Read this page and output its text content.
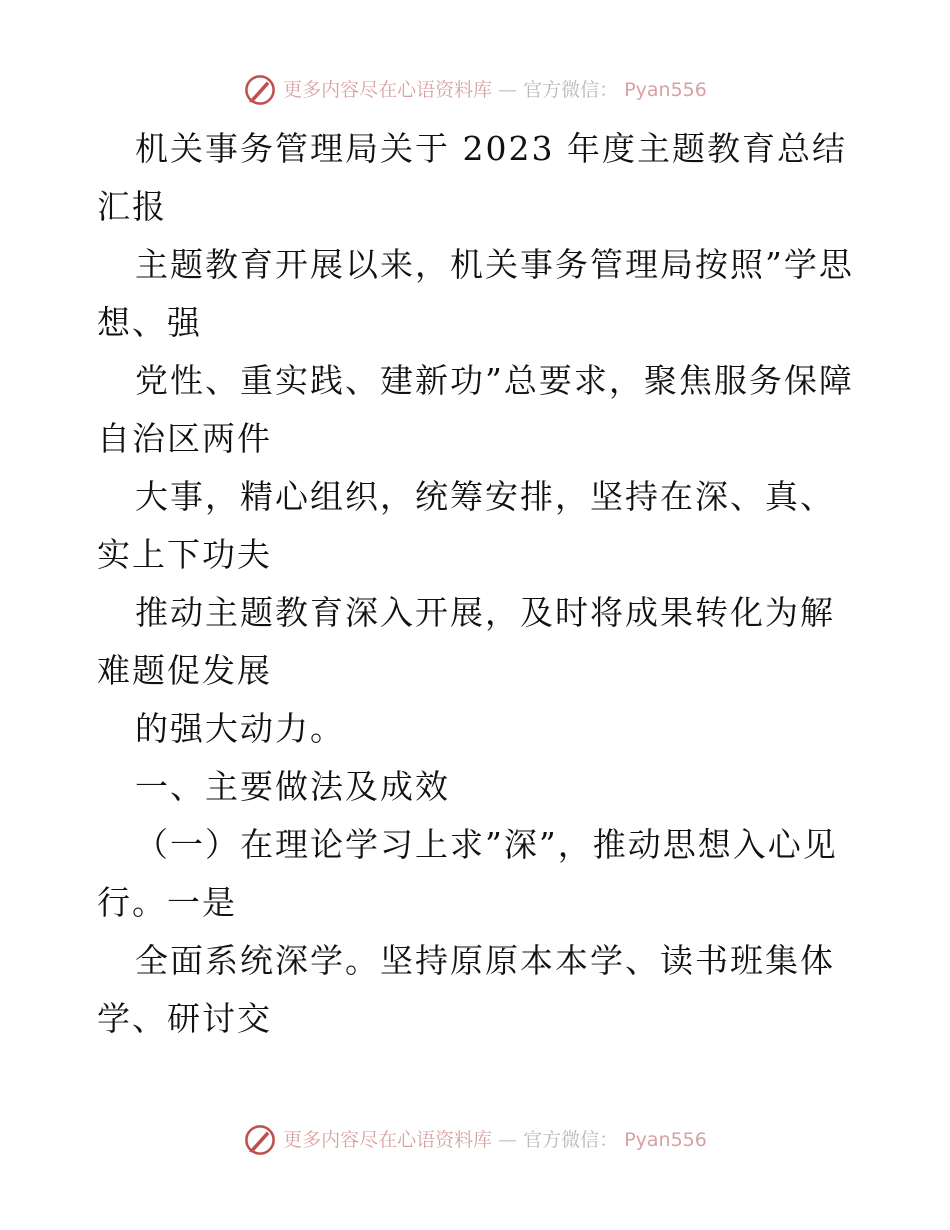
更多内容尽在心语资料库 — 官方微信： Pyan556

机关事务管理局关于 2023 年度主题教育总结汇报

主题教育开展以来，机关事务管理局按照”学思想、强

党性、重实践、建新功”总要求，聚焦服务保障自治区两件

大事，精心组织，统筹安排，坚持在深、真、实上下功夫

推动主题教育深入开展，及时将成果转化为解难题促发展

的强大动力。

一、主要做法及成效

（一）在理论学习上求”深”，推动思想入心见行。一是

全面系统深学。坚持原原本本学、读书班集体学、研讨交

更多内容尽在心语资料库 — 官方微信： Pyan556
